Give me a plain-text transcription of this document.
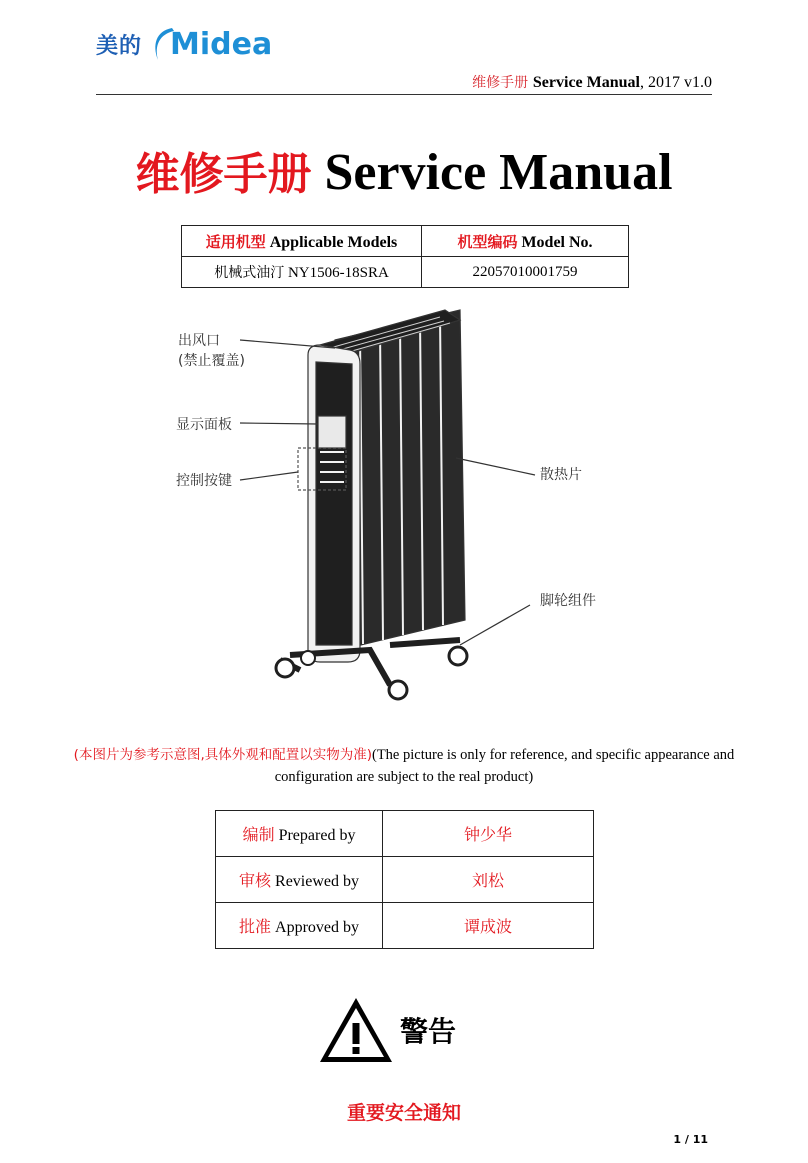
美的 Midea
维修手册 Service Manual, 2017 v1.0
维修手册 Service Manual
适用机型 Applicable Models	机型编码 Model No.
机械式油汀 NY1506-18SRA	22057010001759
出风口
(禁止覆盖)
显示面板
控制按键	散热片
脚轮组件
(本图片为参考示意图,具体外观和配置以实物为准)(The picture is only for reference, and specific appearance and configuration are subject to the real product)
编制 Prepared by	钟少华
审核 Reviewed by	刘松
批准 Approved by	谭成波
警告
重要安全通知
1 / 11
